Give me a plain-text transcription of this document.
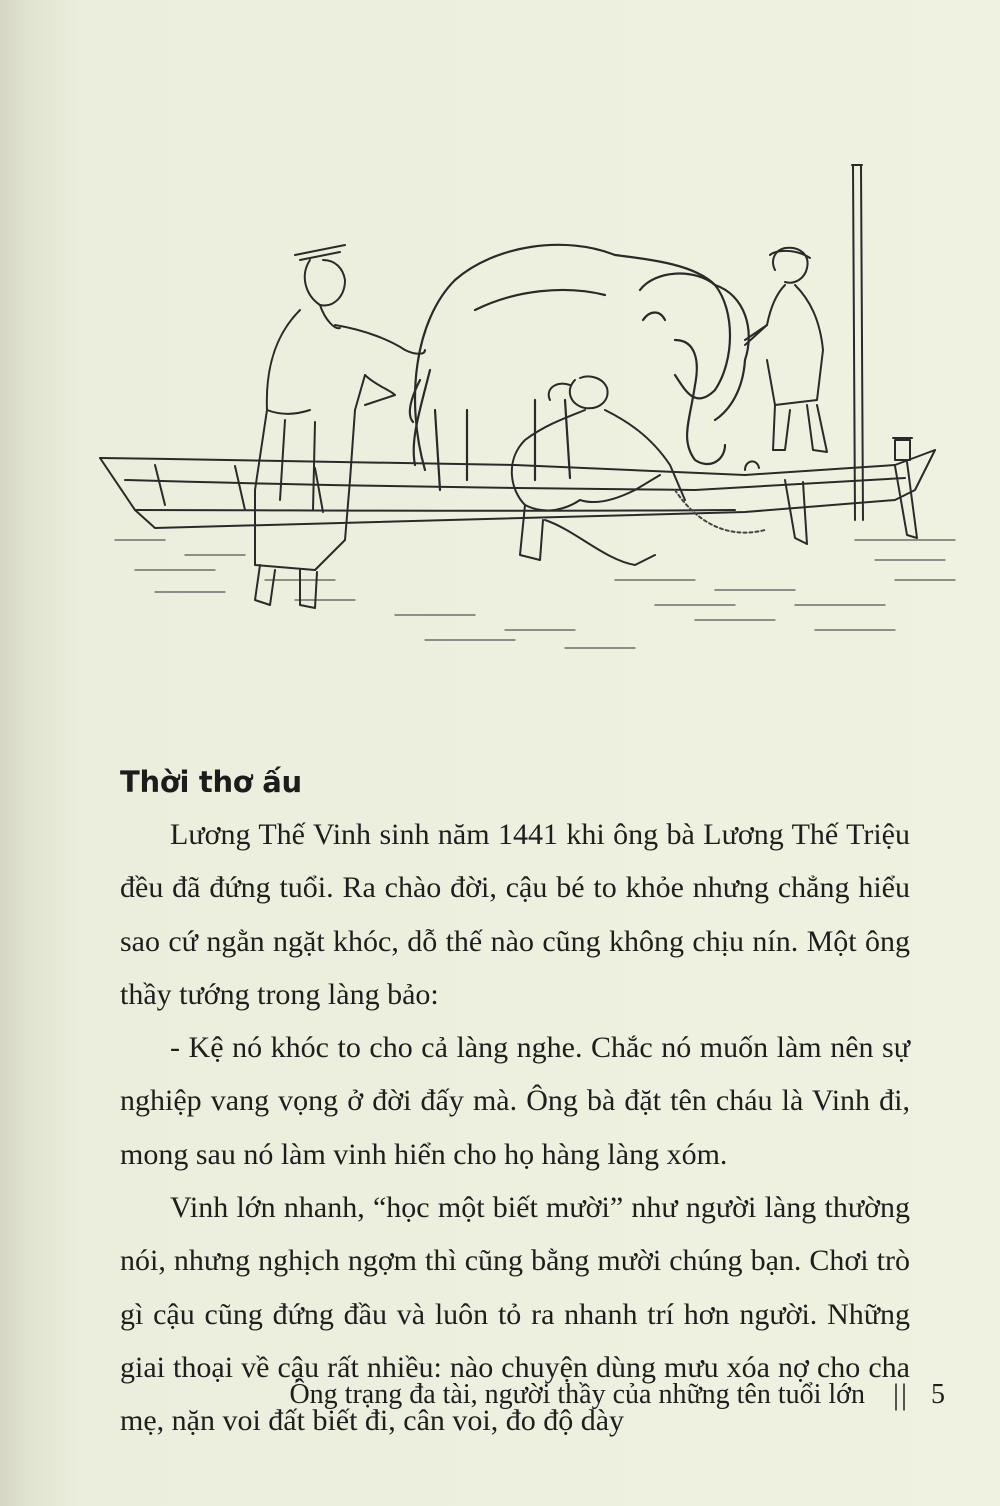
Thời thơ ấu

Lương Thế Vinh sinh năm 1441 khi ông bà Lương Thế Triệu đều đã đứng tuổi. Ra chào đời, cậu bé to khỏe nhưng chẳng hiểu sao cứ ngằn ngặt khóc, dỗ thế nào cũng không chịu nín. Một ông thầy tướng trong làng bảo:

- Kệ nó khóc to cho cả làng nghe. Chắc nó muốn làm nên sự nghiệp vang vọng ở đời đấy mà. Ông bà đặt tên cháu là Vinh đi, mong sau nó làm vinh hiển cho họ hàng làng xóm.

Vinh lớn nhanh, “học một biết mười” như người làng thường nói, nhưng nghịch ngợm thì cũng bằng mười chúng bạn. Chơi trò gì cậu cũng đứng đầu và luôn tỏ ra nhanh trí hơn người. Những giai thoại về cậu rất nhiều: nào chuyện dùng mưu xóa nợ cho cha mẹ, nặn voi đất biết đi, cân voi, đo độ dày

Ông trạng đa tài, người thầy của những tên tuổi lớn || 5
